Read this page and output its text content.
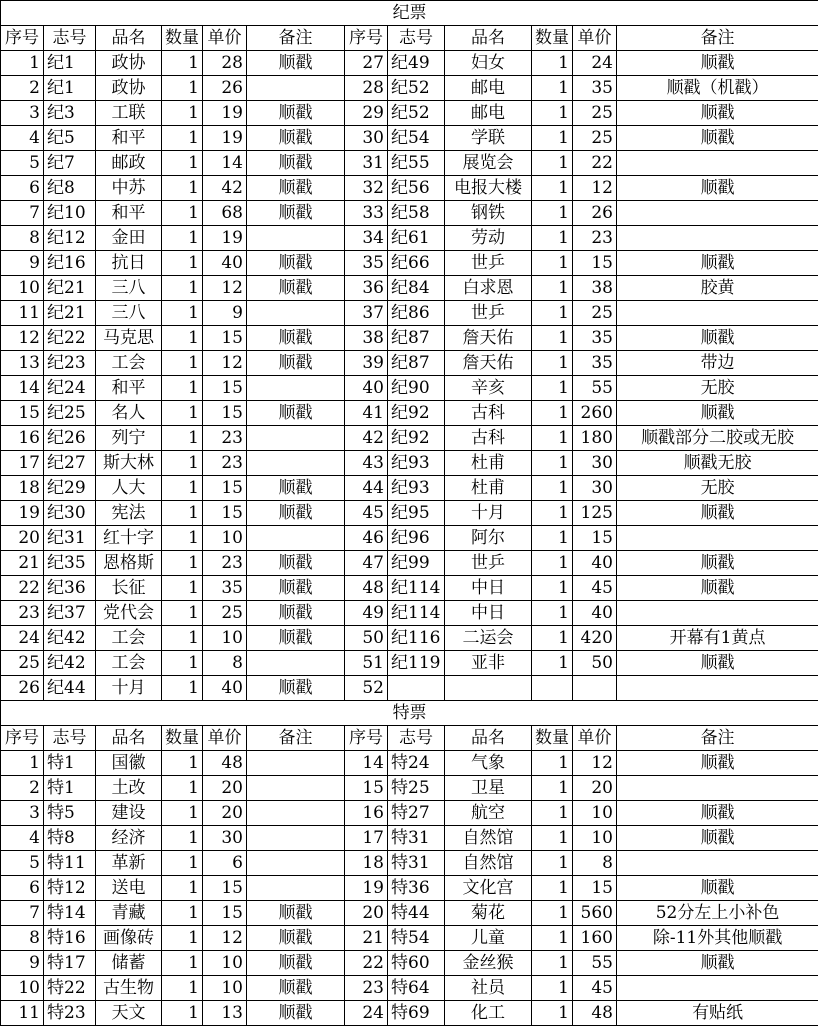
纪票											
序号	志号	品名	数量	单价	备注	序号	志号	品名	数量	单价	备注
1	纪1	政协	1	28	顺戳	27	纪49	妇女	1	24	顺戳
2	纪1	政协	1	26		28	纪52	邮电	1	35	顺戳（机戳）
3	纪3	工联	1	19	顺戳	29	纪52	邮电	1	25	顺戳
4	纪5	和平	1	19	顺戳	30	纪54	学联	1	25	顺戳
5	纪7	邮政	1	14	顺戳	31	纪55	展览会	1	22	
6	纪8	中苏	1	42	顺戳	32	纪56	电报大楼	1	12	顺戳
7	纪10	和平	1	68	顺戳	33	纪58	钢铁	1	26	
8	纪12	金田	1	19		34	纪61	劳动	1	23	
9	纪16	抗日	1	40	顺戳	35	纪66	世乒	1	15	顺戳
10	纪21	三八	1	12	顺戳	36	纪84	白求恩	1	38	胶黄
11	纪21	三八	1	9		37	纪86	世乒	1	25	
12	纪22	马克思	1	15	顺戳	38	纪87	詹天佑	1	35	顺戳
13	纪23	工会	1	12	顺戳	39	纪87	詹天佑	1	35	带边
14	纪24	和平	1	15		40	纪90	辛亥	1	55	无胶
15	纪25	名人	1	15	顺戳	41	纪92	古科	1	260	顺戳
16	纪26	列宁	1	23		42	纪92	古科	1	180	顺戳部分二胶或无胶
17	纪27	斯大林	1	23		43	纪93	杜甫	1	30	顺戳无胶
18	纪29	人大	1	15	顺戳	44	纪93	杜甫	1	30	无胶
19	纪30	宪法	1	15	顺戳	45	纪95	十月	1	125	顺戳
20	纪31	红十字	1	10		46	纪96	阿尔	1	15	
21	纪35	恩格斯	1	23	顺戳	47	纪99	世乒	1	40	顺戳
22	纪36	长征	1	35	顺戳	48	纪114	中日	1	45	顺戳
23	纪37	党代会	1	25	顺戳	49	纪114	中日	1	40	
24	纪42	工会	1	10	顺戳	50	纪116	二运会	1	420	开幕有1黄点
25	纪42	工会	1	8		51	纪119	亚非	1	50	顺戳
26	纪44	十月	1	40	顺戳	52					
特票											
序号	志号	品名	数量	单价	备注	序号	志号	品名	数量	单价	备注
1	特1	国徽	1	48		14	特24	气象	1	12	顺戳
2	特1	土改	1	20		15	特25	卫星	1	20	
3	特5	建设	1	20		16	特27	航空	1	10	顺戳
4	特8	经济	1	30		17	特31	自然馆	1	10	顺戳
5	特11	革新	1	6		18	特31	自然馆	1	8	
6	特12	送电	1	15		19	特36	文化宫	1	15	顺戳
7	特14	青藏	1	15	顺戳	20	特44	菊花	1	560	52分左上小补色
8	特16	画像砖	1	12	顺戳	21	特54	儿童	1	160	除-11外其他顺戳
9	特17	储蓄	1	10	顺戳	22	特60	金丝猴	1	55	顺戳
10	特22	古生物	1	10	顺戳	23	特64	社员	1	45	
11	特23	天文	1	13	顺戳	24	特69	化工	1	48	有贴纸
